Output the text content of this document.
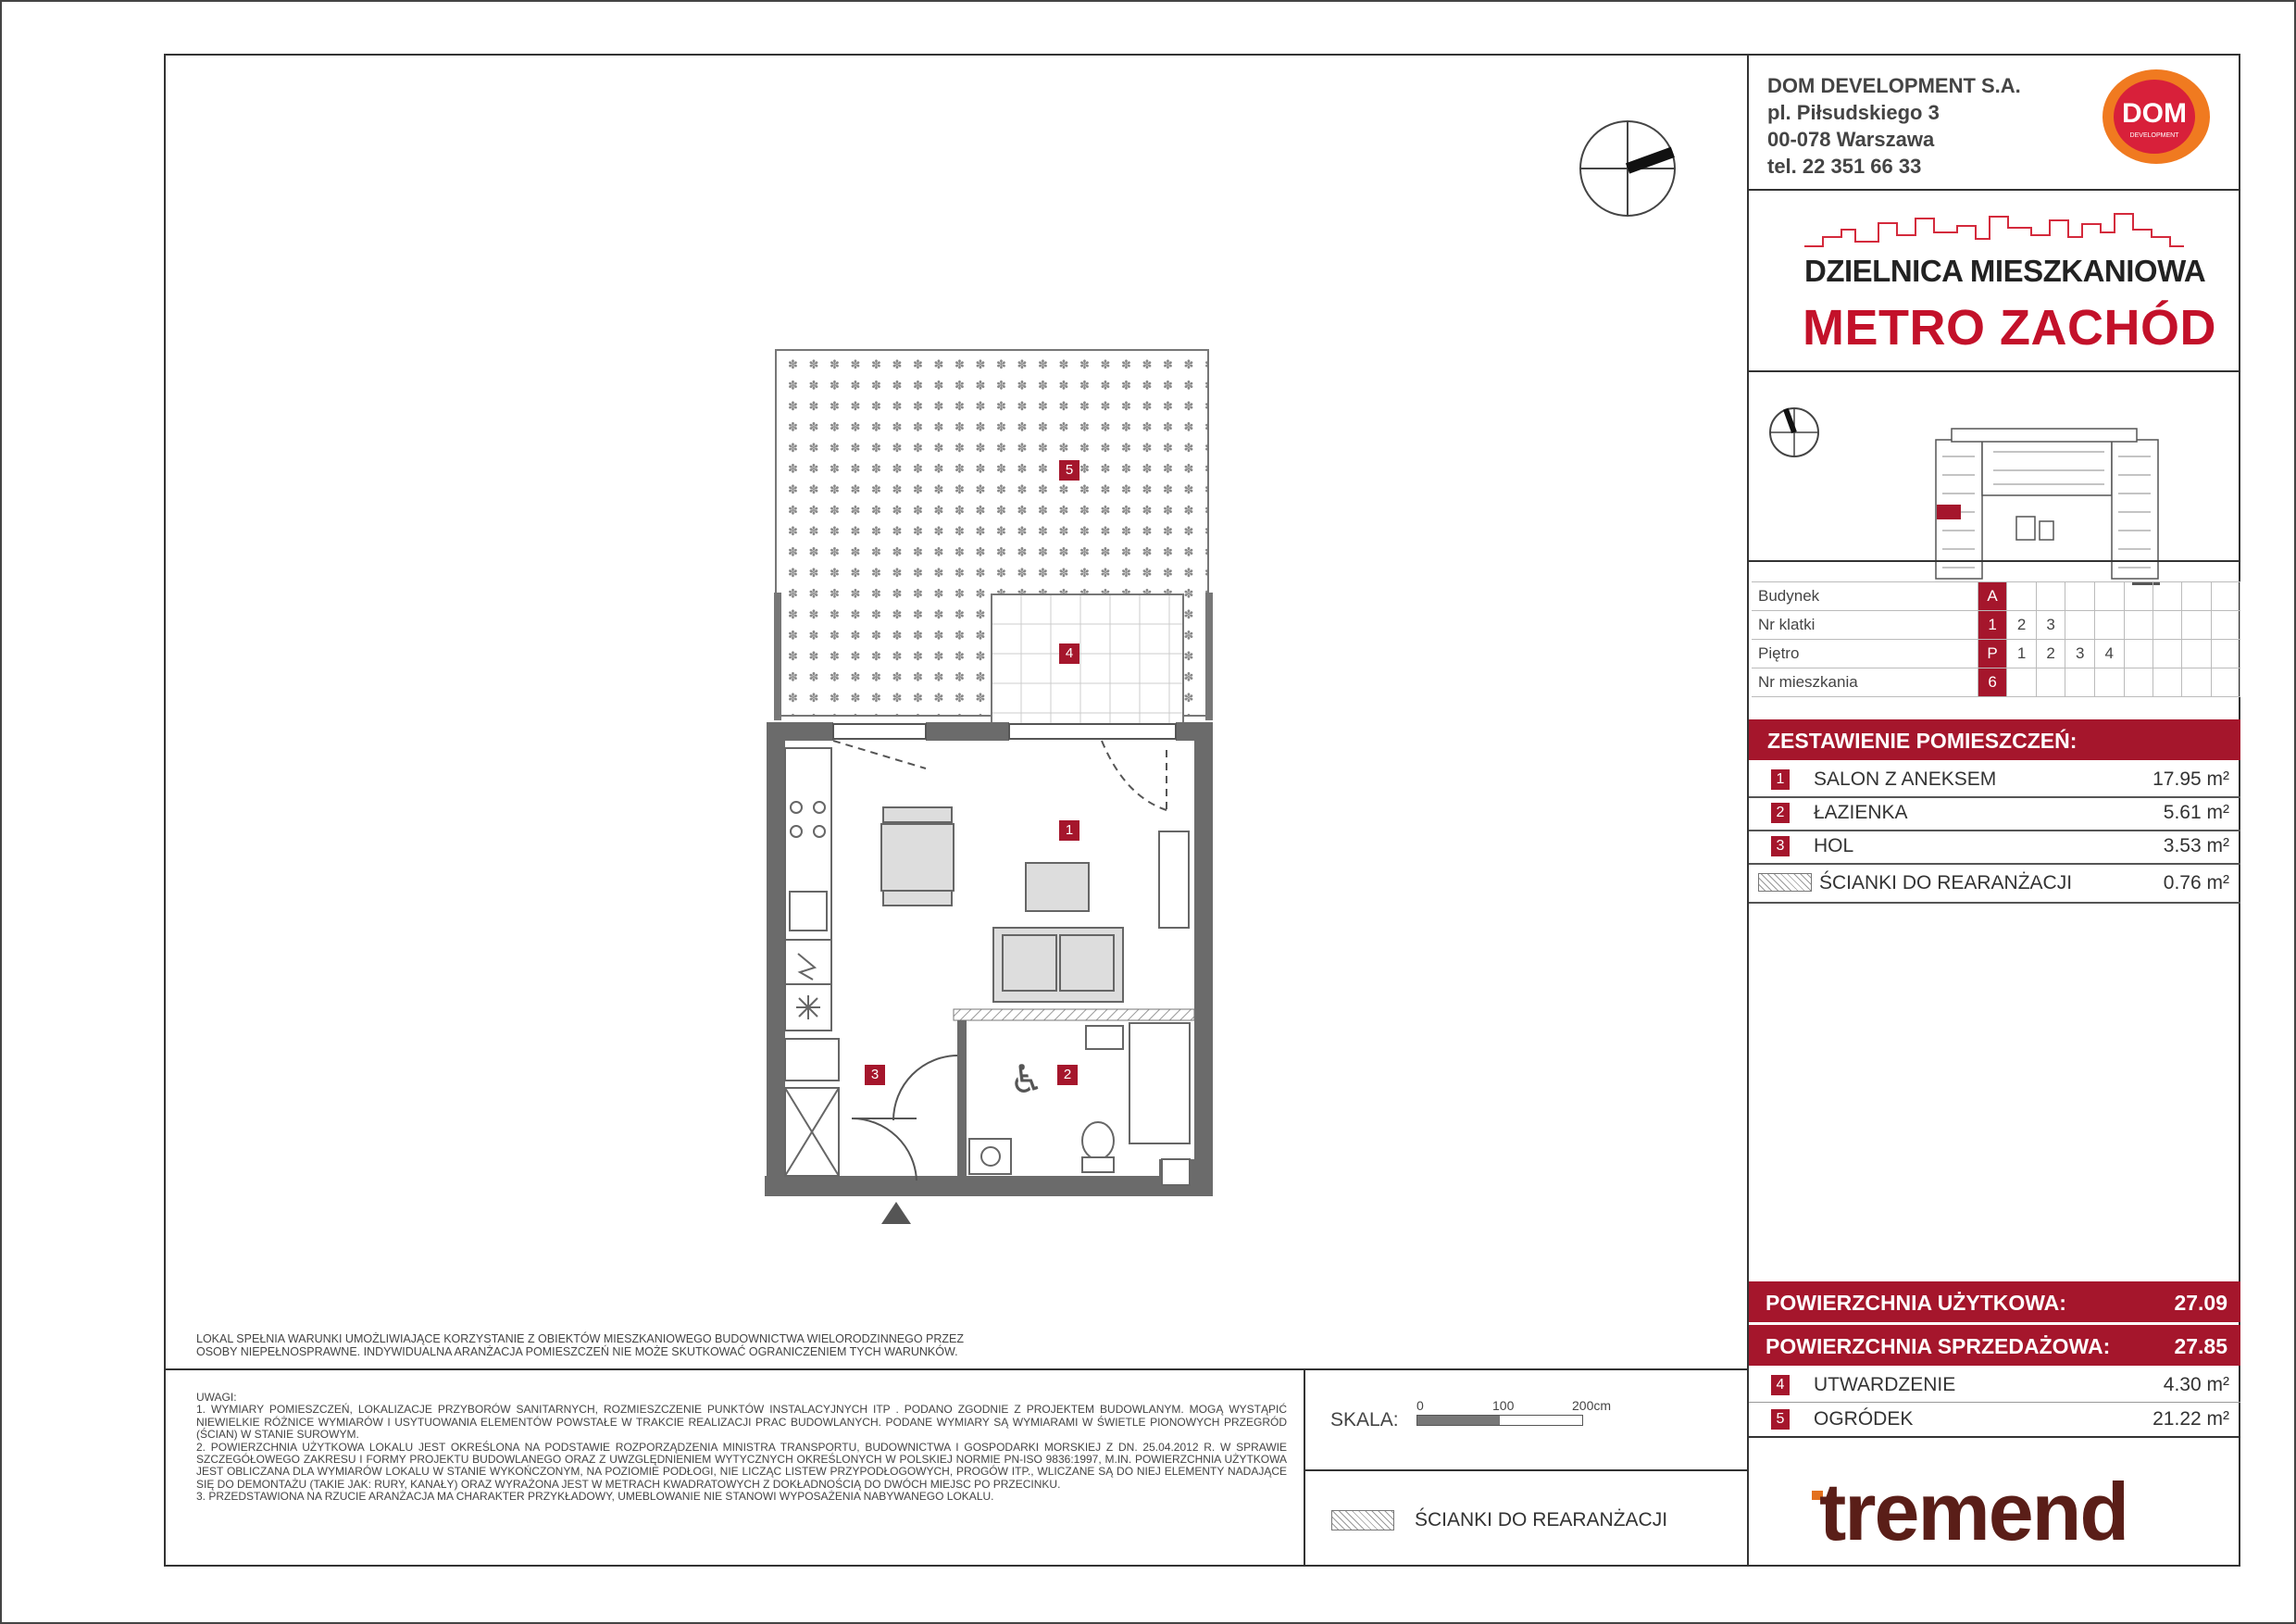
♿
5
4
1
2
3
LOKAL SPEŁNIA WARUNKI UMOŻLIWIAJĄCE KORZYSTANIE Z OBIEKTÓW MIESZKANIOWEGO BUDOWNICTWA WIELORODZINNEGO PRZEZ OSOBY NIEPEŁNOSPRAWNE. INDYWIDUALNA ARANŻACJA POMIESZCZEŃ NIE MOŻE SKUTKOWAĆ OGRANICZENIEM TYCH WARUNKÓW.
UWAGI:
1. WYMIARY POMIESZCZEŃ, LOKALIZACJE PRZYBORÓW SANITARNYCH, ROZMIESZCZENIE PUNKTÓW INSTALACYJNYCH ITP . PODANO ZGODNIE Z PROJEKTEM BUDOWLANYM. MOGĄ WYSTĄPIĆ NIEWIELKIE RÓŻNICE WYMIARÓW I USYTUOWANIA ELEMENTÓW POWSTAŁE W TRAKCIE REALIZACJI PRAC BUDOWLANYCH. PODANE WYMIARY SĄ WYMIARAMI W ŚWIETLE PIONOWYCH PRZEGRÓD (ŚCIAN) W STANIE SUROWYM.
2. POWIERZCHNIA UŻYTKOWA LOKALU JEST OKREŚLONA NA PODSTAWIE ROZPORZĄDZENIA MINISTRA TRANSPORTU, BUDOWNICTWA I GOSPODARKI MORSKIEJ Z DN. 25.04.2012 R. W SPRAWIE SZCZEGÓŁOWEGO ZAKRESU I FORMY PROJEKTU BUDOWLANEGO ORAZ Z UWZGLĘDNIENIEM WYTYCZNYCH OKREŚLONYCH W POLSKIEJ NORMIE PN-ISO 9836:1997, M.IN. POWIERZCHNIA UŻYTKOWA JEST OBLICZANA DLA WYMIARÓW LOKALU W STANIE WYKOŃCZONYM, NA POZIOMIE PODŁOGI, NIE LICZĄC LISTEW PRZYPODŁOGOWYCH, PROGÓW ITP., WLICZANE SĄ DO NIEJ ELEMENTY NADAJĄCE SIĘ DO DEMONTAŻU (TAKIE JAK: RURY, KANAŁY) ORAZ WYRAŻONA JEST W METRACH KWADRATOWYCH Z DOKŁADNOŚCIĄ DO DWÓCH MIEJSC PO PRZECINKU.
3. PRZEDSTAWIONA NA RZUCIE ARANŻACJA MA CHARAKTER PRZYKŁADOWY, UMEBLOWANIE NIE STANOWI WYPOSAŻENIA NABYWANEGO LOKALU.
SKALA:
0	100	200cm
ŚCIANKI DO REARANŻACJI
DOM DEVELOPMENT S.A.
pl. Piłsudskiego 3
00-078 Warszawa
tel. 22 351 66 33
DOM
DEVELOPMENT
DZIELNICA MIESZKANIOWA
METRO ZACHÓD
Budynek	A								
Nr klatki	1	2	3						
Piętro	P	1	2	3	4				
Nr mieszkania	6								
ZESTAWIENIE POMIESZCZEŃ:
1 SALON Z ANEKSEM	17.95 m²
2 ŁAZIENKA	5.61 m²
3 HOL	3.53 m²
ŚCIANKI DO REARANŻACJI	0.76 m²
POWIERZCHNIA UŻYTKOWA:	27.09
POWIERZCHNIA SPRZEDAŻOWA:	27.85
4 UTWARDZENIE	4.30 m²
5 OGRÓDEK	21.22 m²
tremend
